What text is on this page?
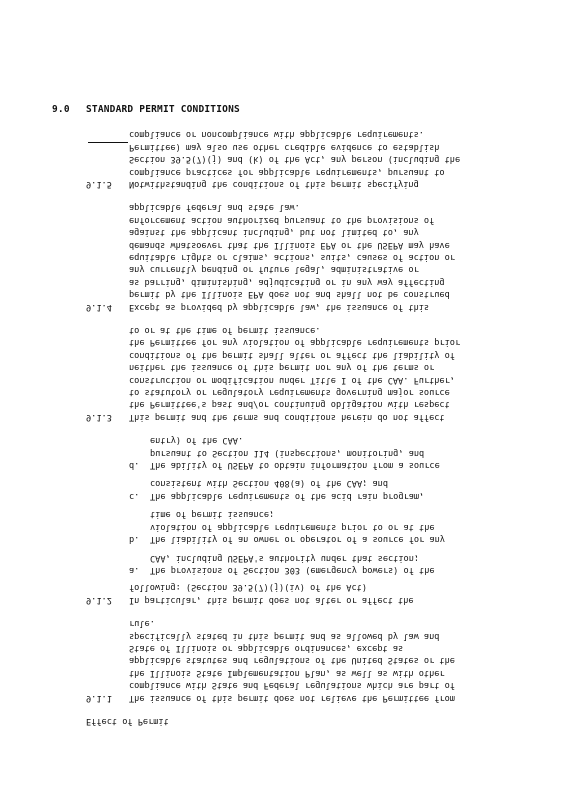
9.0 STANDARD PERMIT CONDITIONS
Effect of Permit
9.1.1	The issuance of this permit does not relieve the Permittee from
compliance with State and Federal regulations which are part of
the Illinois State Implementation Plan, as well as with other
applicable statutes and regulations of the United States or the
State of Illinois or applicable ordinances, except as
specifically stated in this permit and as allowed by law and
rule.
9.1.2	In particular, this permit does not alter or affect the
following: (Section 39.5(7)(j)(iv) of the Act)
a.	The provisions of Section 303 (emergency powers) of the
CAA, including USEPA's authority under that section;
b.	The liability of an owner or operator of a source for any
violation of applicable requirements prior to or at the
time of permit issuance;
c.	The applicable requirements of the acid rain program,
consistent with Section 408(a) of the CAA; and
d.	The ability of USEPA to obtain information from a source
pursuant to Section 114 (inspections, monitoring, and
entry) of the CAA.
9.1.3	This permit and the terms and conditions herein do not affect
the Permittee's past and/or continuing obligation with respect
to statutory or regulatory requirements governing major source
construction or modification under Title I of the CAA. Further,
neither the issuance of this permit nor any of the terms or
conditions of the permit shall alter or affect the liability of
the Permittee for any violation of applicable requirements prior
to or at the time of permit issuance.
9.1.4	Except as provided by applicable law, the issuance of this
permit by the Illinois EPA does not and shall not be construed
as barring, diminishing, adjudicating or in any way affecting
any currently pending or future legal, administrative or
equitable rights or claims, actions, suits, causes of action or
demands whatsoever that the Illinois EPA or the USEPA may have
against the applicant including, but not limited to, any
enforcement action authorized pursuant to the provisions of
applicable federal and state law.
9.1.5	Notwithstanding the conditions of this permit specifying
compliance practices for applicable requirements, pursuant to
Section 39.5(7)(j) and (k) of the Act, any person (including the
Permittee) may also use other credible evidence to establish
compliance or noncompliance with applicable requirements.
